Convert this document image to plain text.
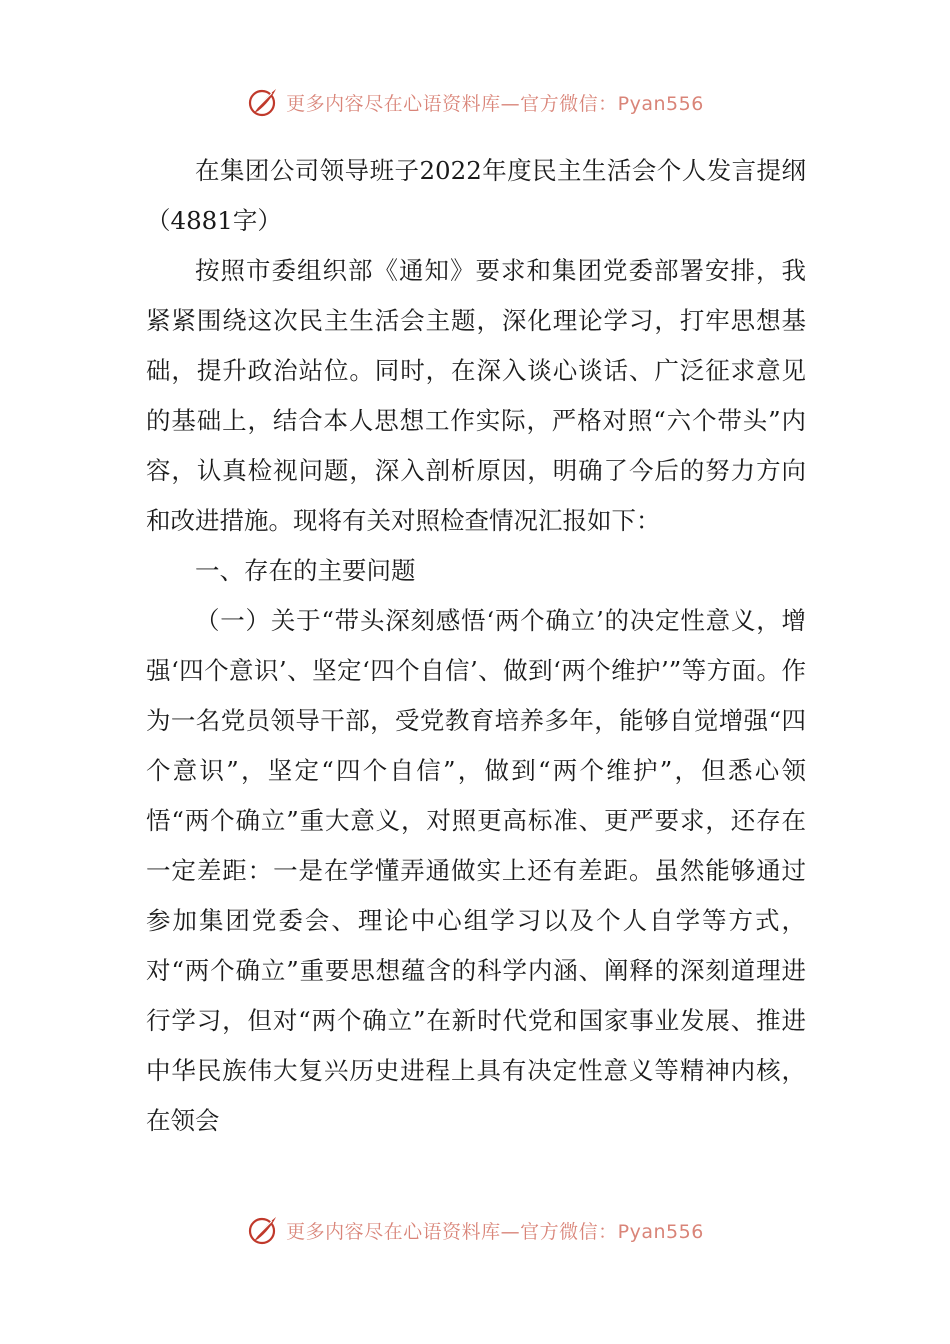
更多内容尽在心语资料库—官方微信：Pyan556

在集团公司领导班子2022年度民主生活会个人发言提纲（4881字）

按照市委组织部《通知》要求和集团党委部署安排，我紧紧围绕这次民主生活会主题，深化理论学习，打牢思想基础，提升政治站位。同时，在深入谈心谈话、广泛征求意见的基础上，结合本人思想工作实际，严格对照“六个带头”内容，认真检视问题，深入剖析原因，明确了今后的努力方向和改进措施。现将有关对照检查情况汇报如下：

一、存在的主要问题

（一）关于“带头深刻感悟‘两个确立’的决定性意义，增强‘四个意识’、坚定‘四个自信’、做到‘两个维护’”等方面。作为一名党员领导干部，受党教育培养多年，能够自觉增强“四个意识”，坚定“四个自信”，做到“两个维护”，但悉心领悟“两个确立”重大意义，对照更高标准、更严要求，还存在一定差距：一是在学懂弄通做实上还有差距。虽然能够通过参加集团党委会、理论中心组学习以及个人自学等方式，对“两个确立”重要思想蕴含的科学内涵、阐释的深刻道理进行学习，但对“两个确立”在新时代党和国家事业发展、推进中华民族伟大复兴历史进程上具有决定性意义等精神内核，在领会

更多内容尽在心语资料库—官方微信：Pyan556
